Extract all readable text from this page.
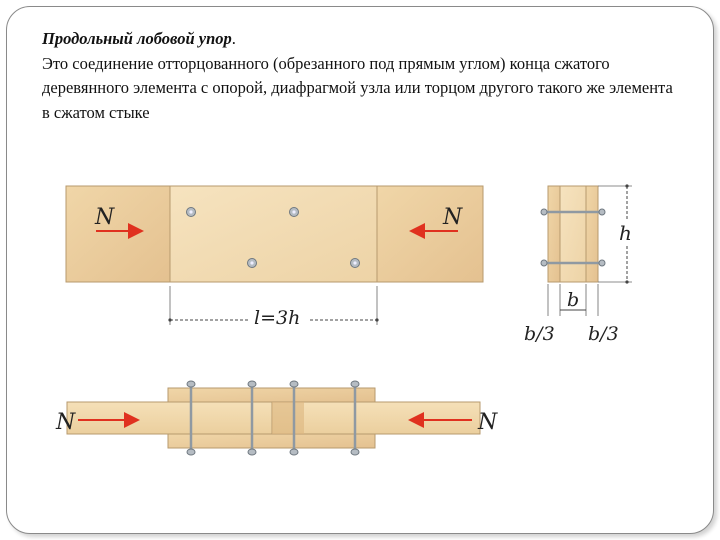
Продольный лобовой упор.
Это соединение отторцованного (обрезанного под прямым углом) конца сжатого деревянного элемента с опорой, диафрагмой узла или торцом другого такого же элемента в сжатом стыке
N	N
l=3h
h
b
b/3 b/3
N	N
